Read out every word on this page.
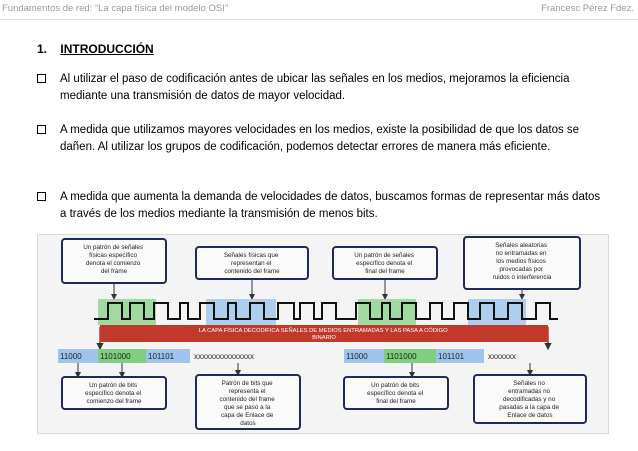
Fundamentos de red: “La capa física del modelo OSI”	Francesc Pérez Fdez.
1. INTRODUCCIÓN
Al utilizar el paso de codificación antes de ubicar las señales en los medios, mejoramos la eficiencia mediante una transmisión de datos de mayor velocidad.
A medida que utilizamos mayores velocidades en los medios, existe la posibilidad de que los datos se dañen. Al utilizar los grupos de codificación, podemos detectar errores de manera más eficiente.
A medida que aumenta la demanda de velocidades de datos, buscamos formas de representar más datos a través de los medios mediante la transmisión de menos bits.
Un patrón de señales físicas específico denota el comienzo del frame
Señales físicas que representan el contenido del frame
Un patrón de señales específico denota el final del frame
Señales aleatorias no entramadas en los medios físicos provocadas por ruidos o interferencia
LA CAPA FÍSICA DECODIFICA SEÑALES DE MEDIOS ENTRAMADAS Y LAS PASA A CÓDIGO BINARIO
11000 1101000 101101 xxxxxxxxxxxxxxx	11000 1101000	101101	xxxxxxx
Un patrón de bits específico denota el comienzo del frame
Patrón de bits que representa el contenido del frame que se pasó a la capa de Enlace de datos
Un patrón de bits específico denota el final del frame
Señales no entramadas no decodificadas y no pasadas a la capa de Enlace de datos
